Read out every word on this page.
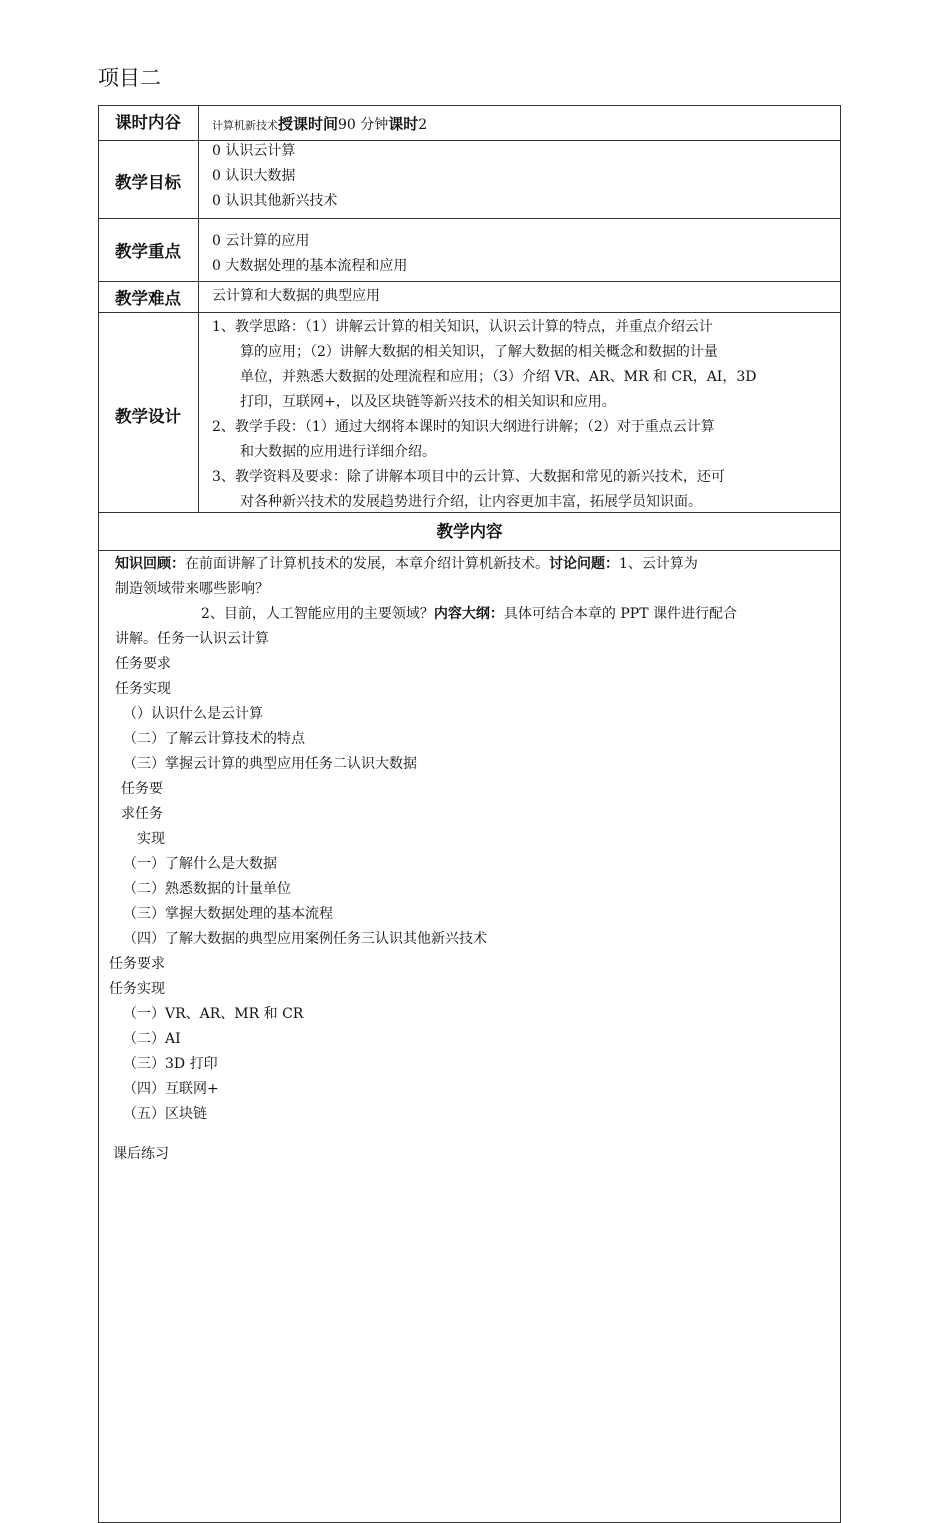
项目二
课时内谷	计算机新技术授课时间90 分钟课时2
教学目标
0 认识云计算
0 认识大数据
0 认识其他新兴技术
教学重点
0 云计算的应用
0 大数据处理的基本流程和应用
教学难点	云计算和大数据的典型应用
教学设计

1、教学思路：（1）讲解云计算的相关知识，认识云计算的特点，并重点介绍云计

算的应用；（2）讲解大数据的相关知识，了解大数据的相关概念和数据的计量

单位，并熟悉大数据的处理流程和应用；（3）介绍 VR、AR、MR 和 CR，AI，3D

打印，互联网+，以及区块链等新兴技术的相关知识和应用。

2、教学手段：（1）通过大纲将本课时的知识大纲进行讲解；（2）对于重点云计算

和大数据的应用进行详细介绍。

3、教学资料及要求：除了讲解本项目中的云计算、大数据和常见的新兴技术，还可

对各种新兴技术的发展趋势进行介绍，让内容更加丰富，拓展学员知识面。

教学内容
知识回顾：在前面讲解了计算机技术的发展，本章介绍计算机新技术。讨论问题：1、云计算为
制造领域带来哪些影响？
2、目前，人工智能应用的主要领域？内容大纲：具体可结合本章的 PPT 课件进行配合
讲解。任务一认识云计算
任务要求
任务实现
（）认识什么是云计算
（二）了解云计算技术的特点
（三）掌握云计算的典型应用任务二认识大数据
任务要
求任务
实现
（一）了解什么是大数据
（二）熟悉数据的计量单位
（三）掌握大数据处理的基本流程
（四）了解大数据的典型应用案例任务三认识其他新兴技术
任务要求
任务实现
（一）VR、AR、MR 和 CR
（二）AI
（三）3D 打印
（四）互联网+
（五）区块链
课后练习
